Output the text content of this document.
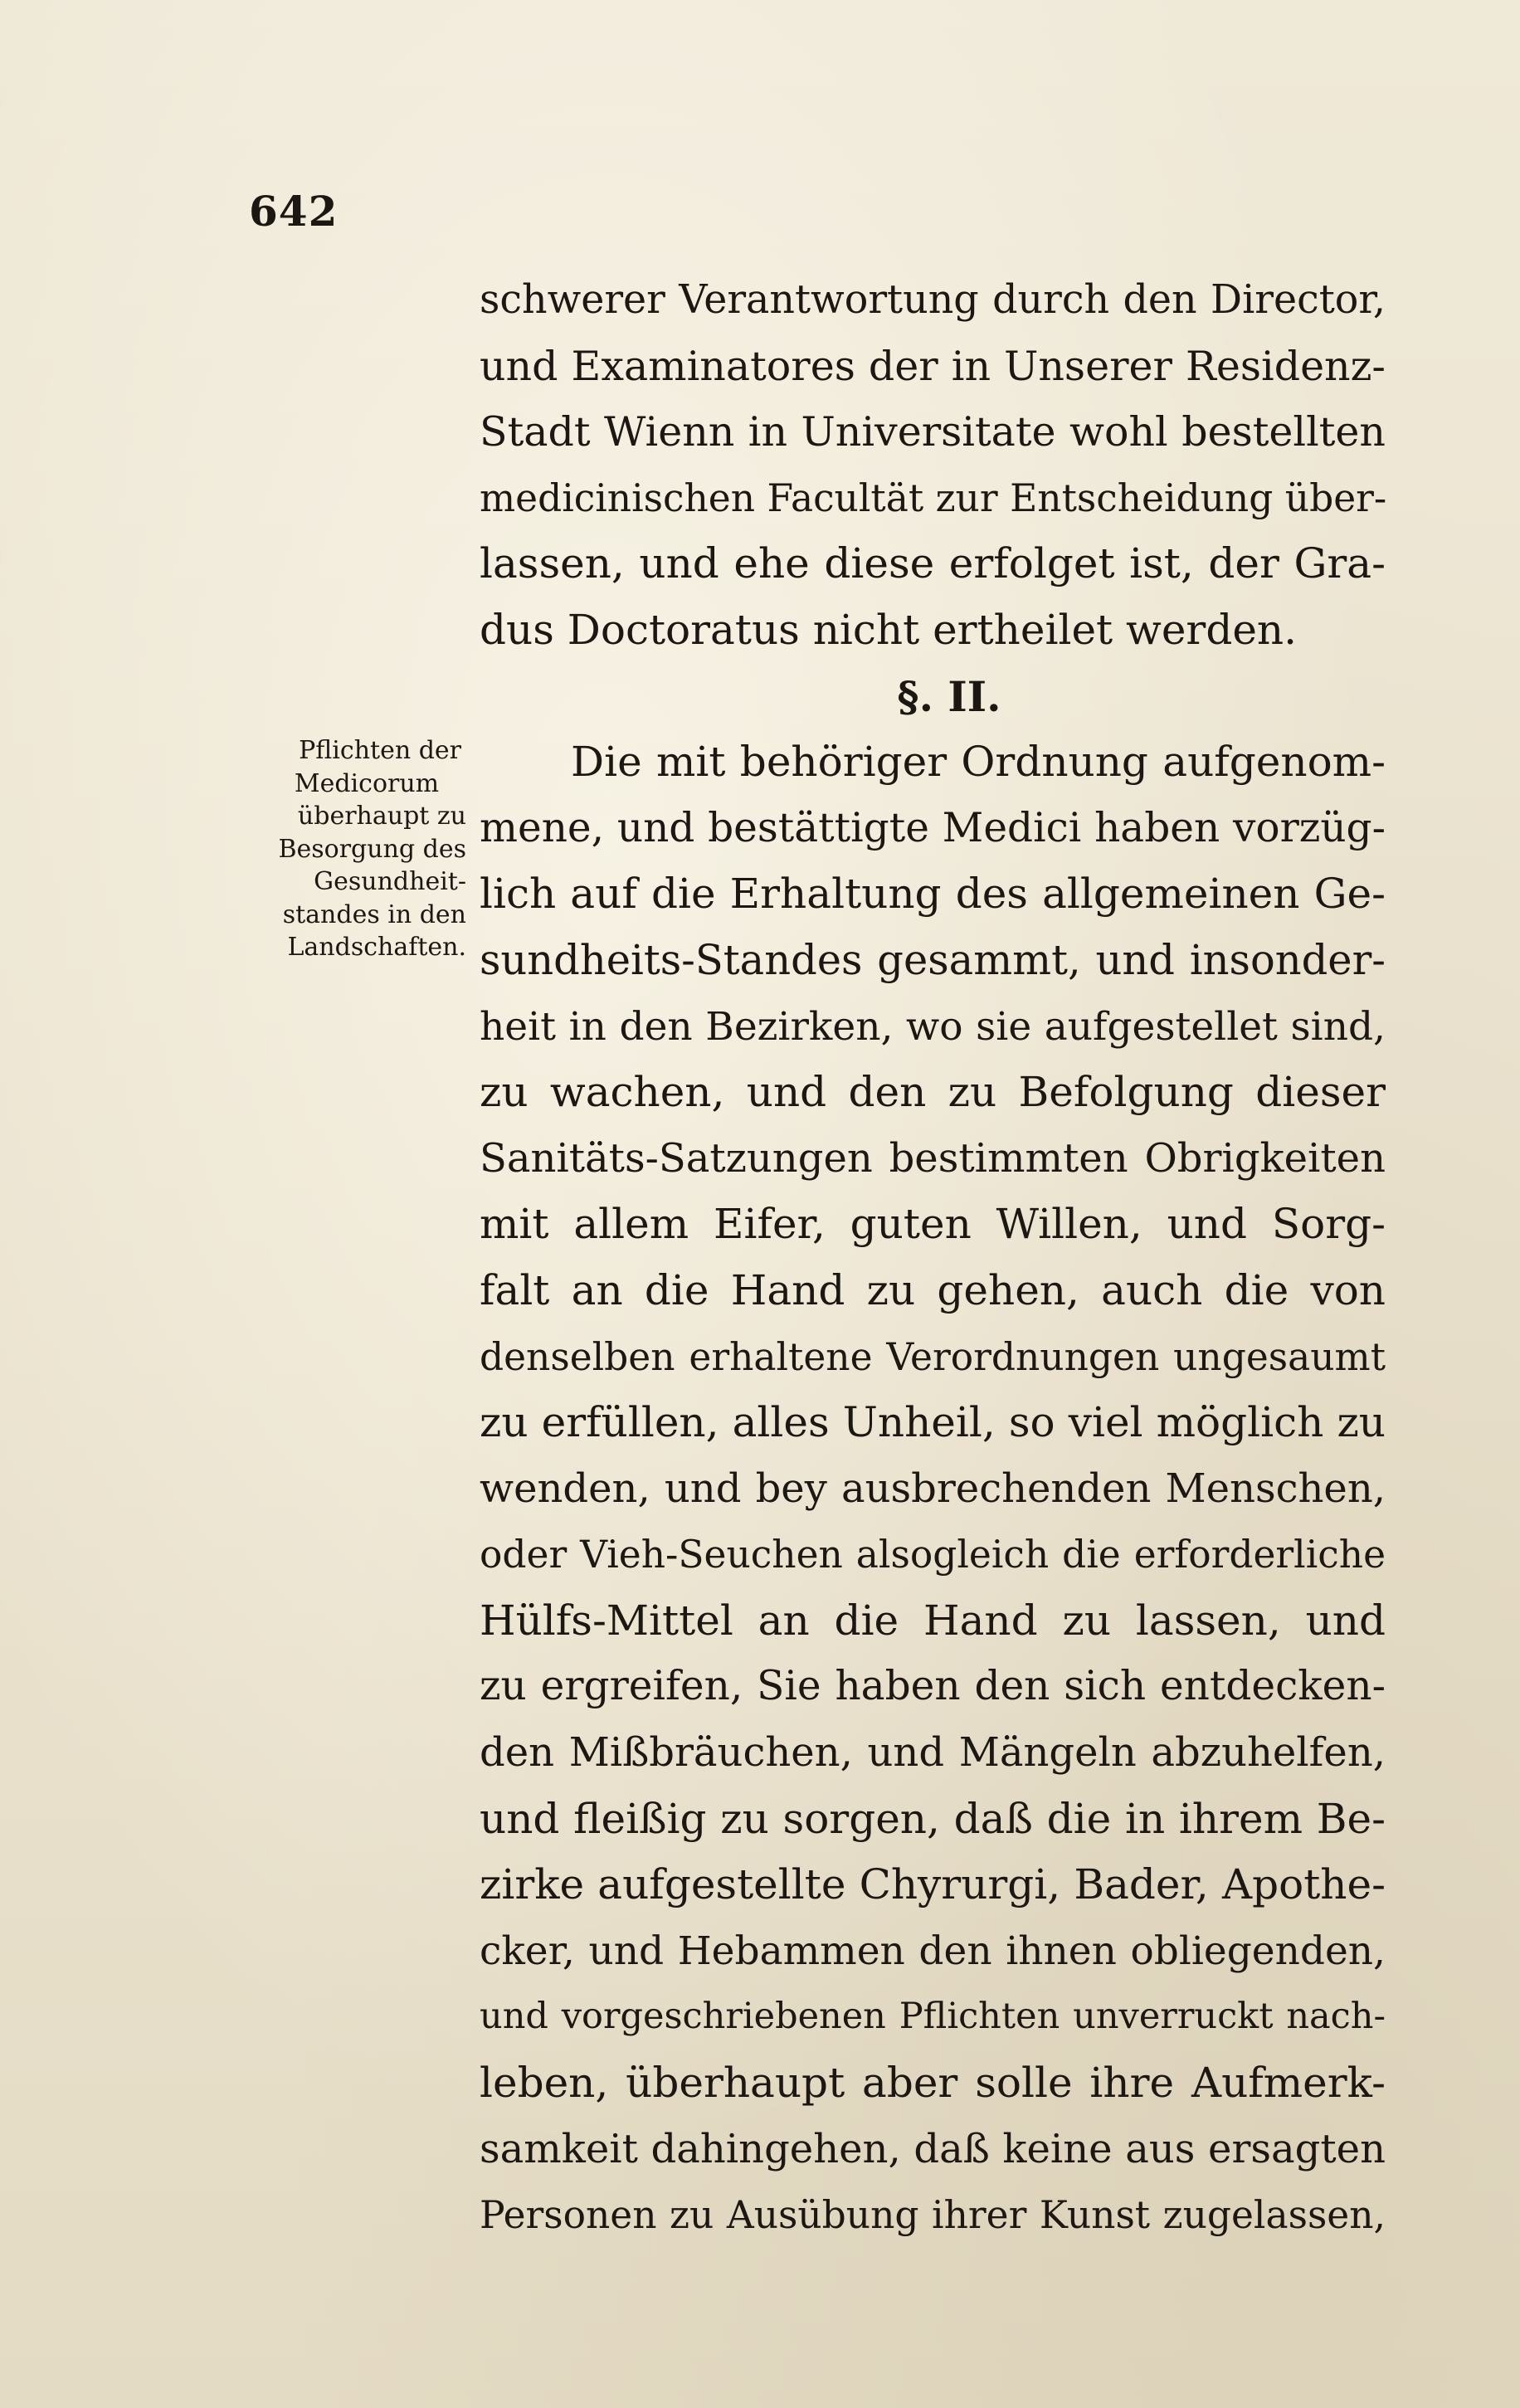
642
Pflichten der
Medicorum
überhaupt zu
Besorgung des
Gesundheit-
standes in den
Landschaften.
schwerer Verantwortung durch den Director,
und Examinatores der in Unserer Residenz-
Stadt Wienn in Universitate wohl bestellten
medicinischen Facultät zur Entscheidung über-
lassen, und ehe diese erfolget ist, der Gra-
dus Doctoratus nicht ertheilet werden.
§. II.
Die mit behöriger Ordnung aufgenom-
mene, und bestättigte Medici haben vorzüg-
lich auf die Erhaltung des allgemeinen Ge-
sundheits-Standes gesammt, und insonder-
heit in den Bezirken, wo sie aufgestellet sind,
zu wachen, und den zu Befolgung dieser
Sanitäts-Satzungen bestimmten Obrigkeiten
mit allem Eifer, guten Willen, und Sorg-
falt an die Hand zu gehen, auch die von
denselben erhaltene Verordnungen ungesaumt
zu erfüllen, alles Unheil, so viel möglich zu
wenden, und bey ausbrechenden Menschen,
oder Vieh-Seuchen alsogleich die erforderliche
Hülfs-Mittel an die Hand zu lassen, und
zu ergreifen, Sie haben den sich entdecken-
den Mißbräuchen, und Mängeln abzuhelfen,
und fleißig zu sorgen, daß die in ihrem Be-
zirke aufgestellte Chyrurgi, Bader, Apothe-
cker, und Hebammen den ihnen obliegenden,
und vorgeschriebenen Pflichten unverruckt nach-
leben, überhaupt aber solle ihre Aufmerk-
samkeit dahingehen, daß keine aus ersagten
Personen zu Ausübung ihrer Kunst zugelassen,
